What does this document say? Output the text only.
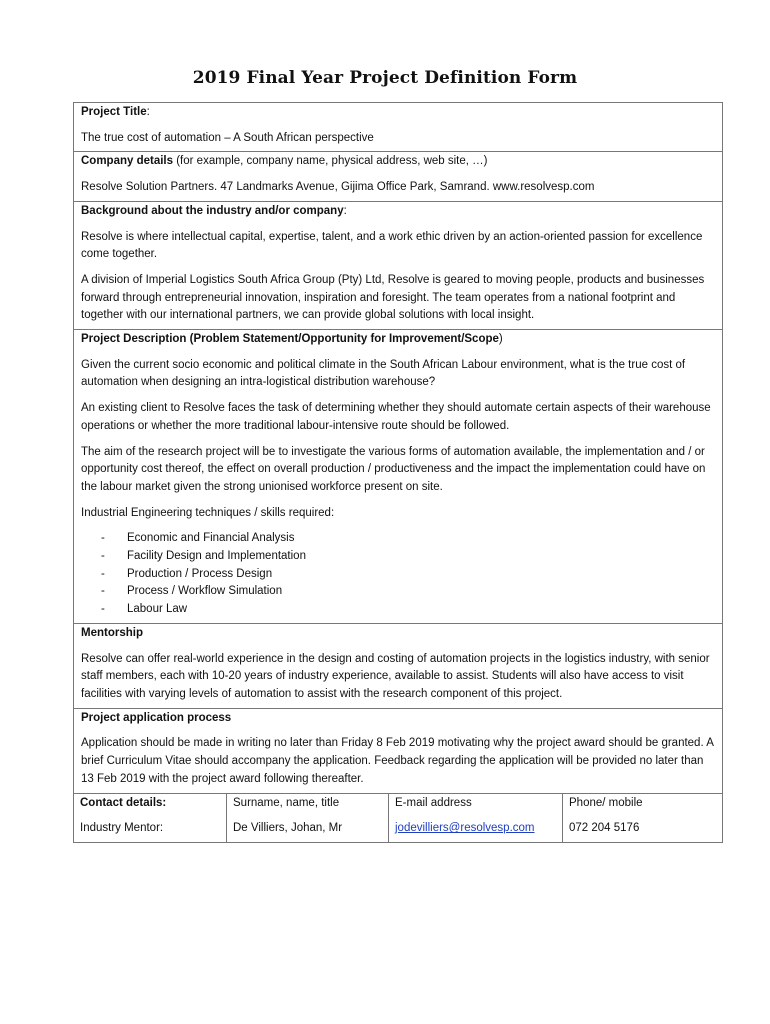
2019 Final Year Project Definition Form

Project Title:

The true cost of automation – A South African perspective

Company details (for example, company name, physical address, web site, …)

Resolve Solution Partners. 47 Landmarks Avenue, Gijima Office Park, Samrand. www.resolvesp.com

Background about the industry and/or company:

Resolve is where intellectual capital, expertise, talent, and a work ethic driven by an action-oriented passion for excellence come together.

A division of Imperial Logistics South Africa Group (Pty) Ltd, Resolve is geared to moving people, products and businesses forward through entrepreneurial innovation, inspiration and foresight. The team operates from a national footprint and together with our international partners, we can provide global solutions with local insight.

Project Description (Problem Statement/Opportunity for Improvement/Scope)

Given the current socio economic and political climate in the South African Labour environment, what is the true cost of automation when designing an intra-logistical distribution warehouse?

An existing client to Resolve faces the task of determining whether they should automate certain aspects of their warehouse operations or whether the more traditional labour-intensive route should be followed.

The aim of the research project will be to investigate the various forms of automation available, the implementation and / or opportunity cost thereof, the effect on overall production / productiveness and the impact the implementation could have on the labour market given the strong unionised workforce present on site.

Industrial Engineering techniques / skills required:

- Economic and Financial Analysis
- Facility Design and Implementation
- Production / Process Design
- Process / Workflow Simulation
- Labour Law

Mentorship

Resolve can offer real-world experience in the design and costing of automation projects in the logistics industry, with senior staff members, each with 10-20 years of industry experience, available to assist. Students will also have access to visit facilities with varying levels of automation to assist with the research component of this project.

Project application process

Application should be made in writing no later than Friday 8 Feb 2019 motivating why the project award should be granted. A brief Curriculum Vitae should accompany the application. Feedback regarding the application will be provided no later than 13 Feb 2019 with the project award following thereafter.

Contact details:
Industry Mentor:
Surname, name, title
De Villiers, Johan, Mr
E-mail address
jodevilliers@resolvesp.com
Phone/ mobile
072 204 5176
